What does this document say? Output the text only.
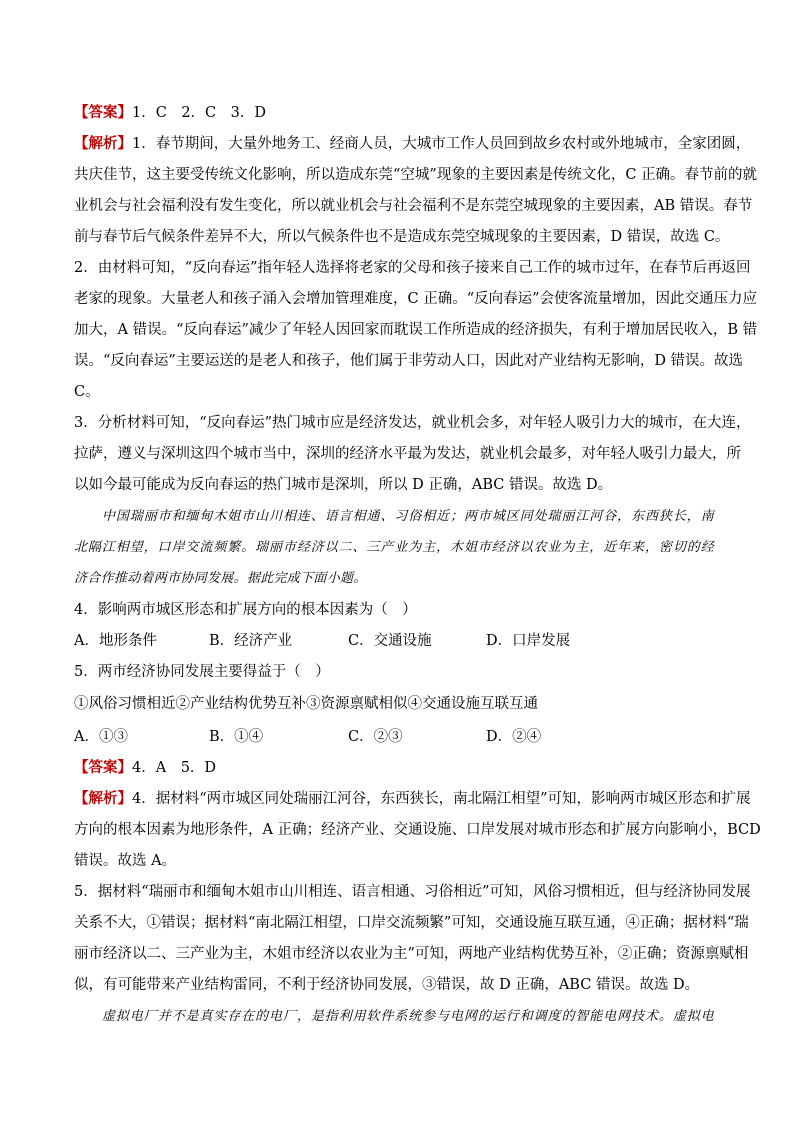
【答案】1．C　2．C　3．D
【解析】1．春节期间，大量外地务工、经商人员，大城市工作人员回到故乡农村或外地城市，全家团圆，
共庆佳节，这主要受传统文化影响，所以造成东莞“空城”现象的主要因素是传统文化，C 正确。春节前的就
业机会与社会福利没有发生变化，所以就业机会与社会福利不是东莞空城现象的主要因素，AB 错误。春节
前与春节后气候条件差异不大，所以气候条件也不是造成东莞空城现象的主要因素，D 错误，故选 C。
2．由材料可知，“反向春运”指年轻人选择将老家的父母和孩子接来自己工作的城市过年，在春节后再返回
老家的现象。大量老人和孩子涌入会增加管理难度，C 正确。“反向春运”会使客流量增加，因此交通压力应
加大，A 错误。“反向春运”减少了年轻人因回家而耽误工作所造成的经济损失，有利于增加居民收入，B 错
误。“反向春运”主要运送的是老人和孩子，他们属于非劳动人口，因此对产业结构无影响，D 错误。故选
C。
3．分析材料可知，“反向春运”热门城市应是经济发达，就业机会多，对年轻人吸引力大的城市，在大连，
拉萨，遵义与深圳这四个城市当中，深圳的经济水平最为发达，就业机会最多，对年轻人吸引力最大，所
以如今最可能成为反向春运的热门城市是深圳，所以 D 正确，ABC 错误。故选 D。
中国瑞丽市和缅甸木姐市山川相连、语言相通、习俗相近；两市城区同处瑞丽江河谷，东西狭长，南
北隔江相望，口岸交流频繁。瑞丽市经济以二、三产业为主，木姐市经济以农业为主，近年来，密切的经
济合作推动着两市协同发展。据此完成下面小题。
4．影响两市城区形态和扩展方向的根本因素为（　）
A．地形条件	B．经济产业	C．交通设施	D．口岸发展
5．两市经济协同发展主要得益于（　）
①风俗习惯相近②产业结构优势互补③资源禀赋相似④交通设施互联互通
A．①③	B．①④	C．②③	D．②④
【答案】4．A　5．D
【解析】4．据材料“两市城区同处瑞丽江河谷，东西狭长，南北隔江相望”可知，影响两市城区形态和扩展
方向的根本因素为地形条件，A 正确；经济产业、交通设施、口岸发展对城市形态和扩展方向影响小，BCD
错误。故选 A。
5．据材料“瑞丽市和缅甸木姐市山川相连、语言相通、习俗相近”可知，风俗习惯相近，但与经济协同发展
关系不大，①错误；据材料“南北隔江相望，口岸交流频繁”可知，交通设施互联互通，④正确；据材料“瑞
丽市经济以二、三产业为主，木姐市经济以农业为主”可知，两地产业结构优势互补，②正确；资源禀赋相
似，有可能带来产业结构雷同，不利于经济协同发展，③错误，故 D 正确，ABC 错误。故选 D。
虚拟电厂并不是真实存在的电厂，是指利用软件系统参与电网的运行和调度的智能电网技术。虚拟电
